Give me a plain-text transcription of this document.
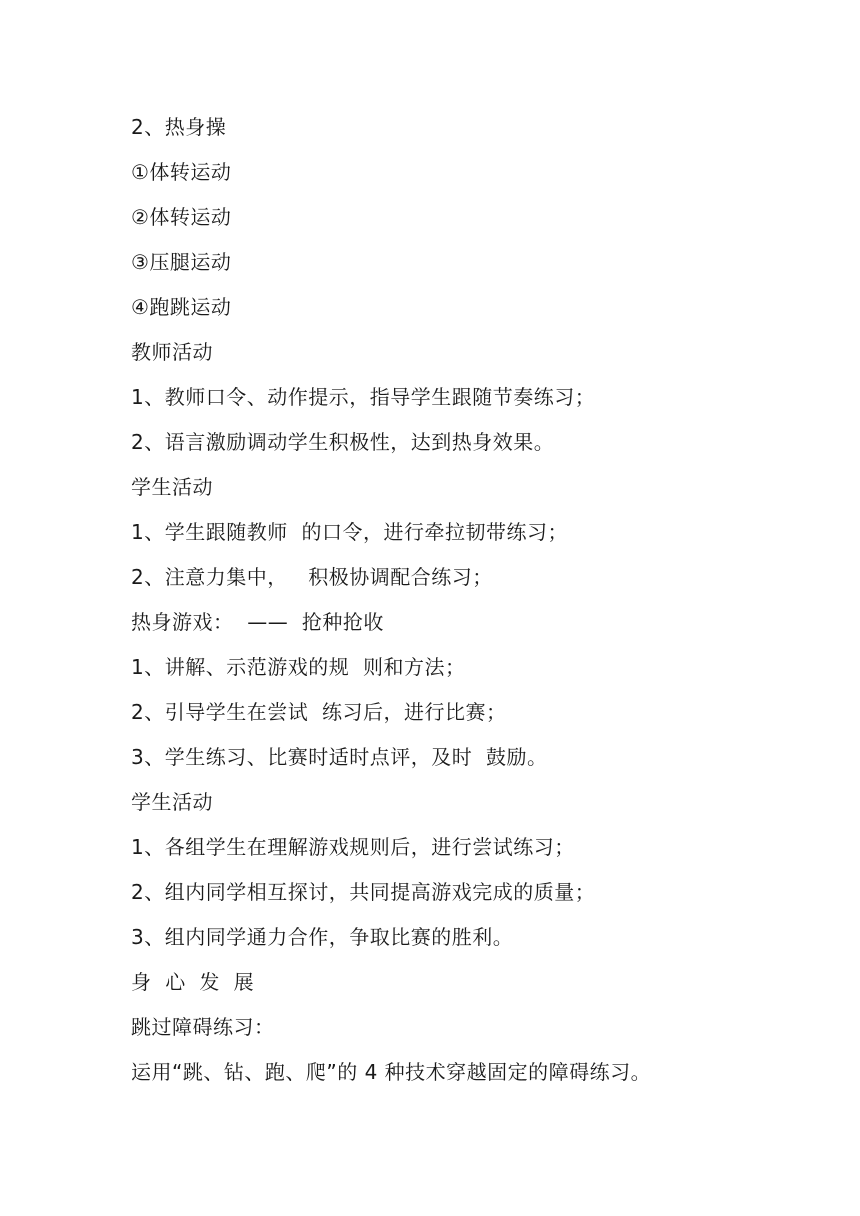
2、热身操
①体转运动
②体转运动
③压腿运动
④跑跳运动
教师活动
1、教师口令、动作提示，指导学生跟随节奏练习；
2、语言激励调动学生积极性，达到热身效果。
学生活动
1、学生跟随教师  的口令，进行牵拉韧带练习；
2、注意力集中，   积极协调配合练习；
热身游戏：  ——  抢种抢收
1、讲解、示范游戏的规  则和方法；
2、引导学生在尝试  练习后，进行比赛；
3、学生练习、比赛时适时点评，及时  鼓励。
学生活动
1、各组学生在理解游戏规则后，进行尝试练习；
2、组内同学相互探讨，共同提高游戏完成的质量；
3、组内同学通力合作，争取比赛的胜利。
身  心  发  展
跳过障碍练习：
运用“跳、钻、跑、爬”的 4 种技术穿越固定的障碍练习。
